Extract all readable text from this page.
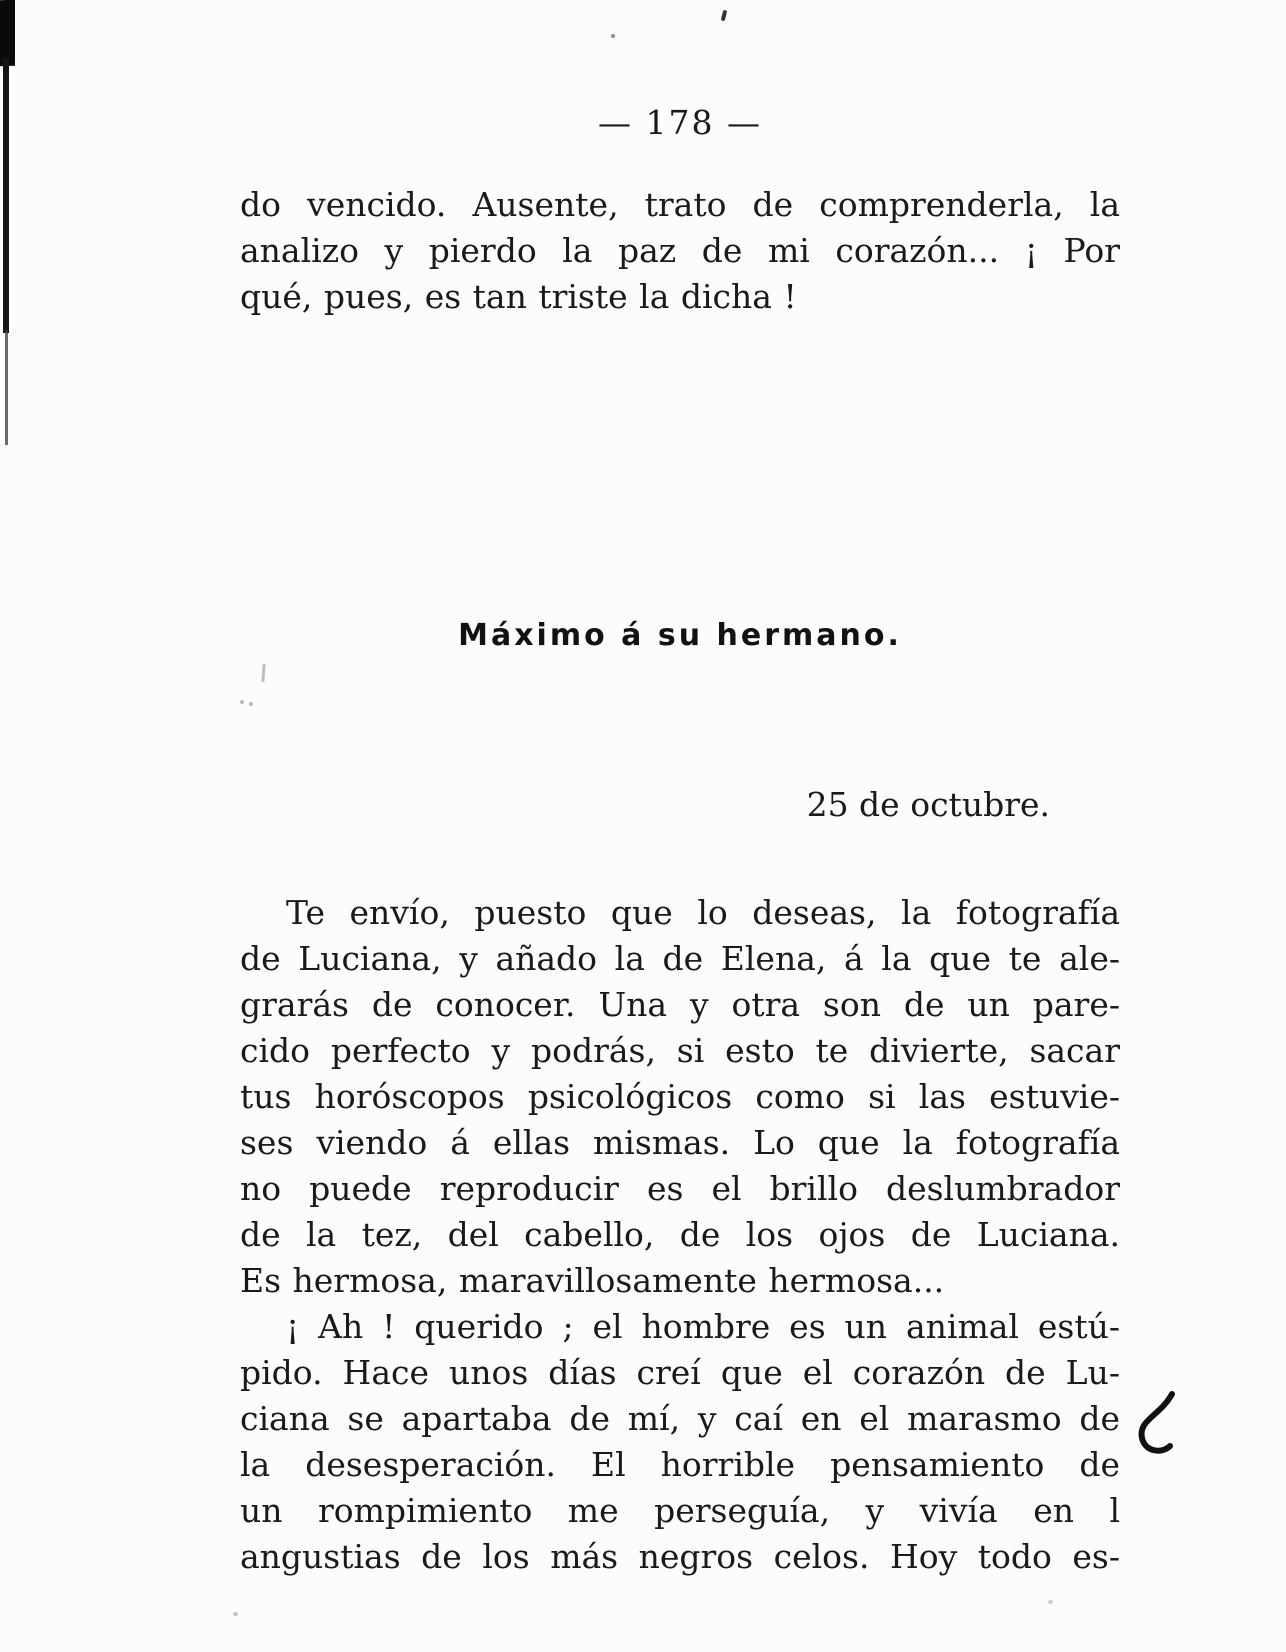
— 178 —
do vencido. Ausente, trato de comprenderla, la
analizo y pierdo la paz de mi corazón... ¡ Por
qué, pues, es tan triste la dicha !
Máximo á su hermano.
25 de octubre.
Te envío, puesto que lo deseas, la fotografía
de Luciana, y añado la de Elena, á la que te ale-
grarás de conocer. Una y otra son de un pare-
cido perfecto y podrás, si esto te divierte, sacar
tus horóscopos psicológicos como si las estuvie-
ses viendo á ellas mismas. Lo que la fotografía
no puede reproducir es el brillo deslumbrador
de la tez, del cabello, de los ojos de Luciana.
Es hermosa, maravillosamente hermosa...
¡ Ah ! querido ; el hombre es un animal estú-
pido. Hace unos días creí que el corazón de Lu-
ciana se apartaba de mí, y caí en el marasmo de
la desesperación. El horrible pensamiento de
un rompimiento me perseguía, y vivía en l
angustias de los más negros celos. Hoy todo es-
